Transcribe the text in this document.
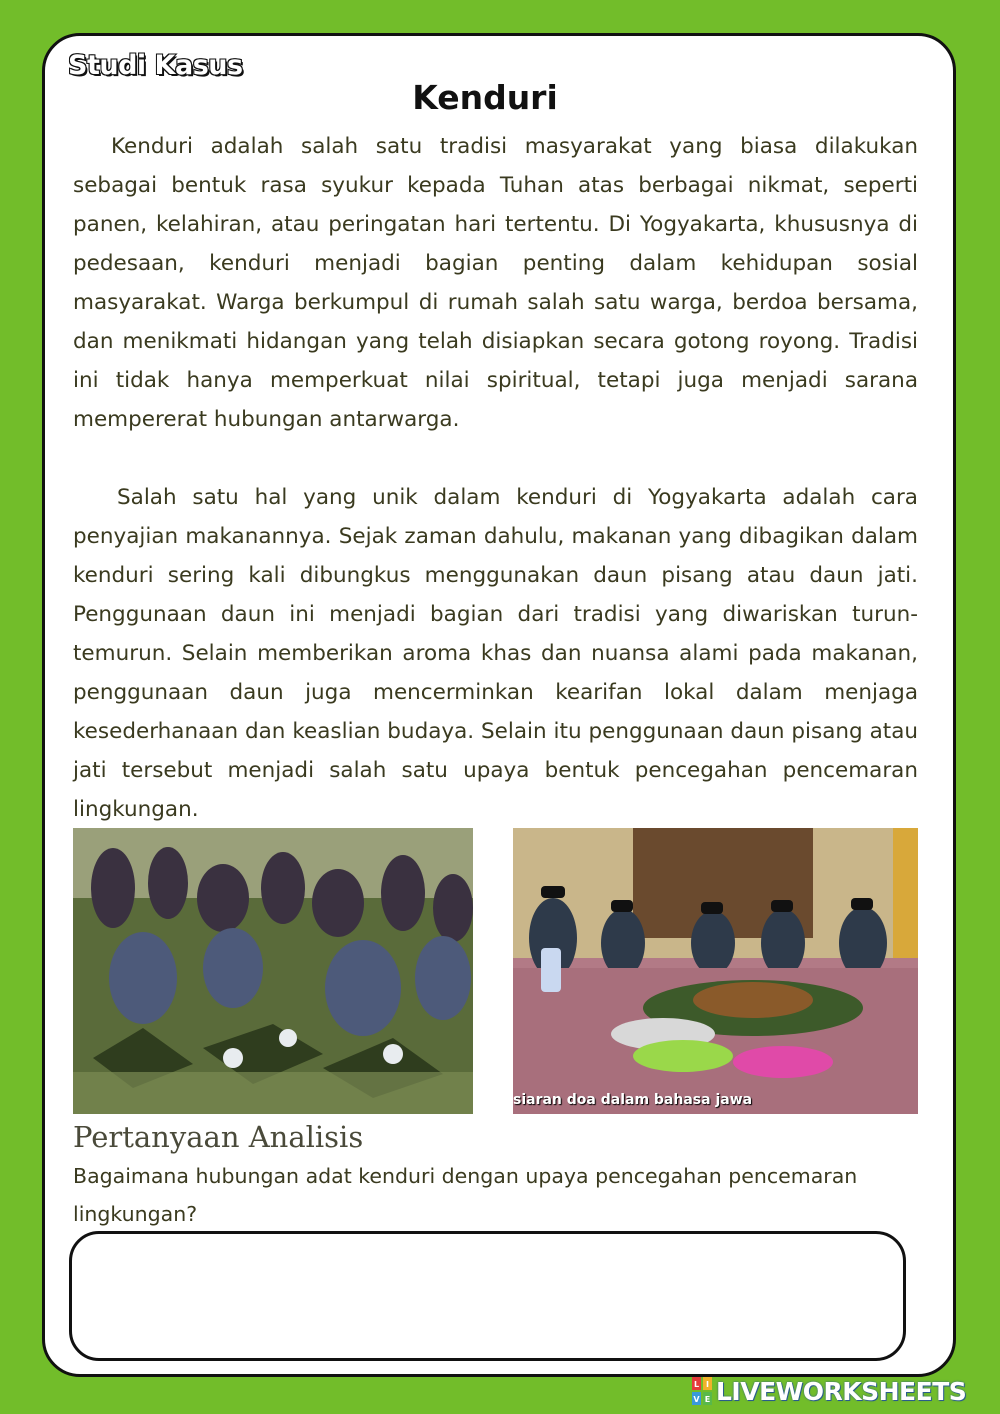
Studi Kasus
Kenduri

Kenduri adalah salah satu tradisi masyarakat yang biasa dilakukan sebagai bentuk rasa syukur kepada Tuhan atas berbagai nikmat, seperti panen, kelahiran, atau peringatan hari tertentu. Di Yogyakarta, khususnya di pedesaan, kenduri menjadi bagian penting dalam kehidupan sosial masyarakat. Warga berkumpul di rumah salah satu warga, berdoa bersama, dan menikmati hidangan yang telah disiapkan secara gotong royong. Tradisi ini tidak hanya memperkuat nilai spiritual, tetapi juga menjadi sarana mempererat hubungan antarwarga.

Salah satu hal yang unik dalam kenduri di Yogyakarta adalah cara penyajian makanannya. Sejak zaman dahulu, makanan yang dibagikan dalam kenduri sering kali dibungkus menggunakan daun pisang atau daun jati. Penggunaan daun ini menjadi bagian dari tradisi yang diwariskan turun-temurun. Selain memberikan aroma khas dan nuansa alami pada makanan, penggunaan daun juga mencerminkan kearifan lokal dalam menjaga kesederhanaan dan keaslian budaya. Selain itu penggunaan daun pisang atau jati tersebut menjadi salah satu upaya bentuk pencegahan pencemaran lingkungan.

siaran doa dalam bahasa jawa
Pertanyaan Analisis
Bagaimana hubungan adat kenduri dengan upaya pencegahan pencemaran lingkungan?
L I
V E LIVEWORKSHEETS
